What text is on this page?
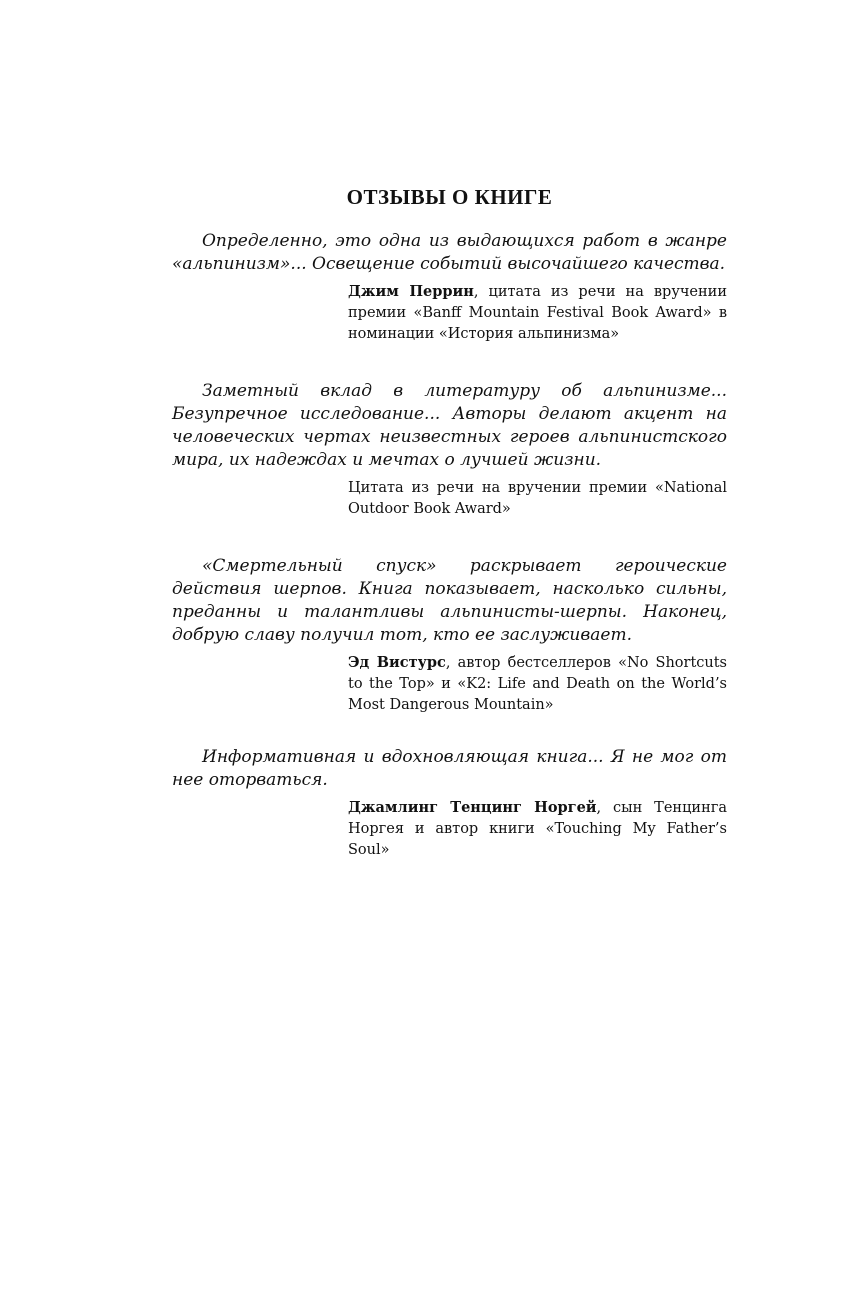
ОТЗЫВЫ О КНИГЕ

Определенно, это одна из выдающихся работ в жанре «альпинизм»... Освещение событий высочайшего качества.

Джим Перрин, цитата из речи на вручении премии «Banff Mountain Festival Book Award» в номинации «История альпинизма»

Заметный вклад в литературу об альпинизме... Безупречное исследование... Авторы делают акцент на человеческих чертах неизвестных героев альпинистского мира, их надеждах и мечтах о лучшей жизни.

Цитата из речи на вручении премии «National Outdoor Book Award»

«Смертельный спуск» раскрывает героические действия шерпов. Книга показывает, насколько сильны, преданны и талантливы альпинисты-шерпы. Наконец, добрую славу получил тот, кто ее заслуживает.

Эд Вистурс, автор бестселлеров «No Shortcuts to the Top» и «K2: Life and Death on the World’s Most Dangerous Mountain»

Информативная и вдохновляющая книга... Я не мог от нее оторваться.

Джамлинг Тенцинг Норгей, сын Тенцинга Норгея и автор книги «Touching My Father’s Soul»
